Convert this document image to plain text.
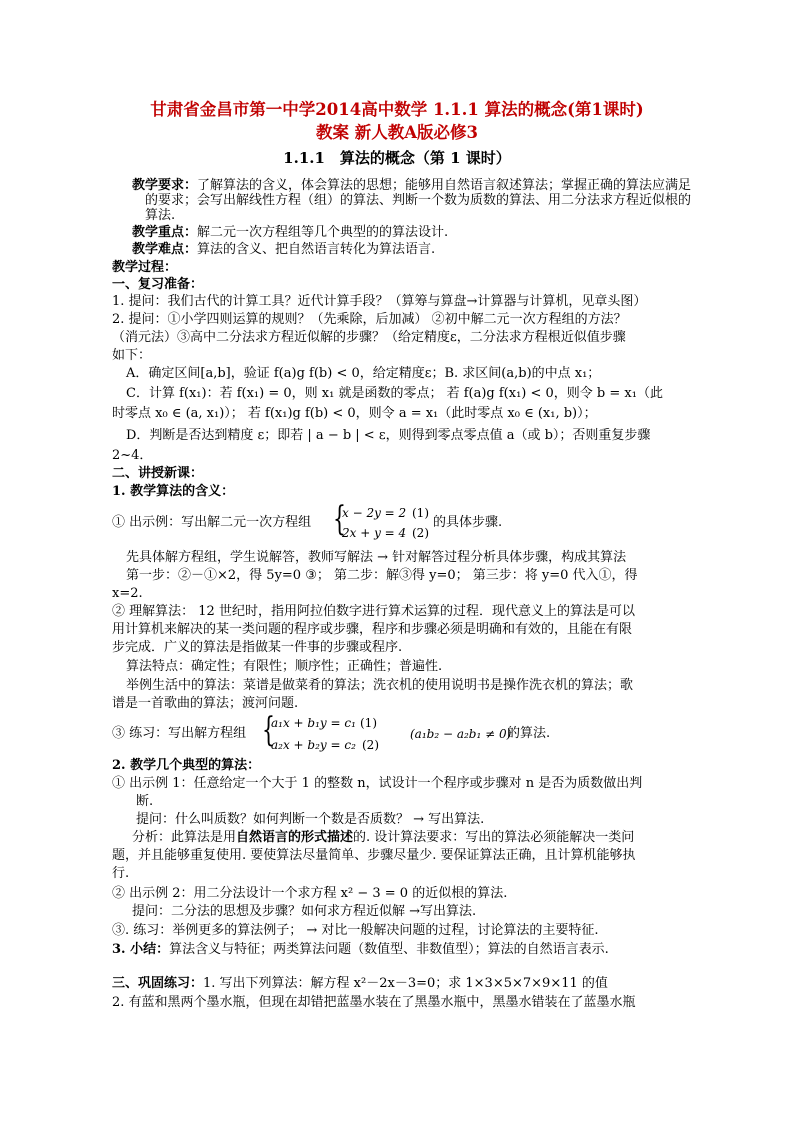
甘肃省金昌市第一中学2014高中数学 1.1.1 算法的概念(第1课时)
教案 新人教A版必修3
1.1.1　算法的概念（第 1 课时）
教学要求：了解算法的含义，体会算法的思想；能够用自然语言叙述算法；掌握正确的算法应满足
的要求；会写出解线性方程（组）的算法、判断一个数为质数的算法、用二分法求方程近似根的
算法.
教学重点：解二元一次方程组等几个典型的的算法设计.
教学难点：算法的含义、把自然语言转化为算法语言.
教学过程：
一、复习准备：
1. 提问：我们古代的计算工具？近代计算手段？（算筹与算盘→计算器与计算机，见章头图）
2. 提问：①小学四则运算的规则？（先乘除，后加减） ②初中解二元一次方程组的方法？
（消元法）③高中二分法求方程近似解的步骤？（给定精度ε，二分法求方程根近似值步骤
如下：
A．确定区间[a,b]，验证 f(a)g f(b) < 0，给定精度ε；B. 求区间(a,b)的中点 x₁；
C．计算 f(x₁)：若 f(x₁) = 0，则 x₁ 就是函数的零点； 若 f(a)g f(x₁) < 0，则令 b = x₁（此
时零点 x₀ ∈ (a, x₁)）； 若 f(x₁)g f(b) < 0，则令 a = x₁（此时零点 x₀ ∈ (x₁, b)）；
D．判断是否达到精度 ε；即若 | a − b | < ε，则得到零点零点值 a（或 b）；否则重复步骤
2~4．
二、讲授新课：
1. 教学算法的含义：
① 出示例：写出解二元一次方程组 {
x − 2y = 2 (1)
2x + y = 4 (2)
的具体步骤.
先具体解方程组，学生说解答，教师写解法 → 针对解答过程分析具体步骤，构成其算法
第一步：②－①×2，得 5y=0 ③； 第二步：解③得 y=0； 第三步：将 y=0 代入①，得
x=2.
② 理解算法： 12 世纪时，指用阿拉伯数字进行算术运算的过程．现代意义上的算法是可以
用计算机来解决的某一类问题的程序或步骤，程序和步骤必须是明确和有效的，且能在有限
步完成．广义的算法是指做某一件事的步骤或程序.
算法特点：确定性；有限性；顺序性；正确性；普遍性.
举例生活中的算法：菜谱是做菜肴的算法；洗衣机的使用说明书是操作洗衣机的算法；歌
谱是一首歌曲的算法；渡河问题.
③ 练习：写出解方程组 {
a₁x + b₁y = c₁ (1)
a₂x + b₂y = c₂ (2)
(a₁b₂ − a₂b₁ ≠ 0)
的算法.
2. 教学几个典型的算法：
① 出示例 1：任意给定一个大于 1 的整数 n，试设计一个程序或步骤对 n 是否为质数做出判
断.
提问：什么叫质数？如何判断一个数是否质数？ → 写出算法.
分析：此算法是用自然语言的形式描述的. 设计算法要求：写出的算法必须能解决一类问
题，并且能够重复使用. 要使算法尽量简单、步骤尽量少. 要保证算法正确，且计算机能够执
行.
② 出示例 2：用二分法设计一个求方程 x² − 3 = 0 的近似根的算法.
提问：二分法的思想及步骤？如何求方程近似解 →写出算法.
③. 练习：举例更多的算法例子； → 对比一般解决问题的过程，讨论算法的主要特征.
3. 小结：算法含义与特征；两类算法问题（数值型、非数值型）；算法的自然语言表示.
三、巩固练习：1. 写出下列算法：解方程 x²－2x－3=0；求 1×3×5×7×9×11 的值
2. 有蓝和黑两个墨水瓶，但现在却错把蓝墨水装在了黑墨水瓶中，黑墨水错装在了蓝墨水瓶
